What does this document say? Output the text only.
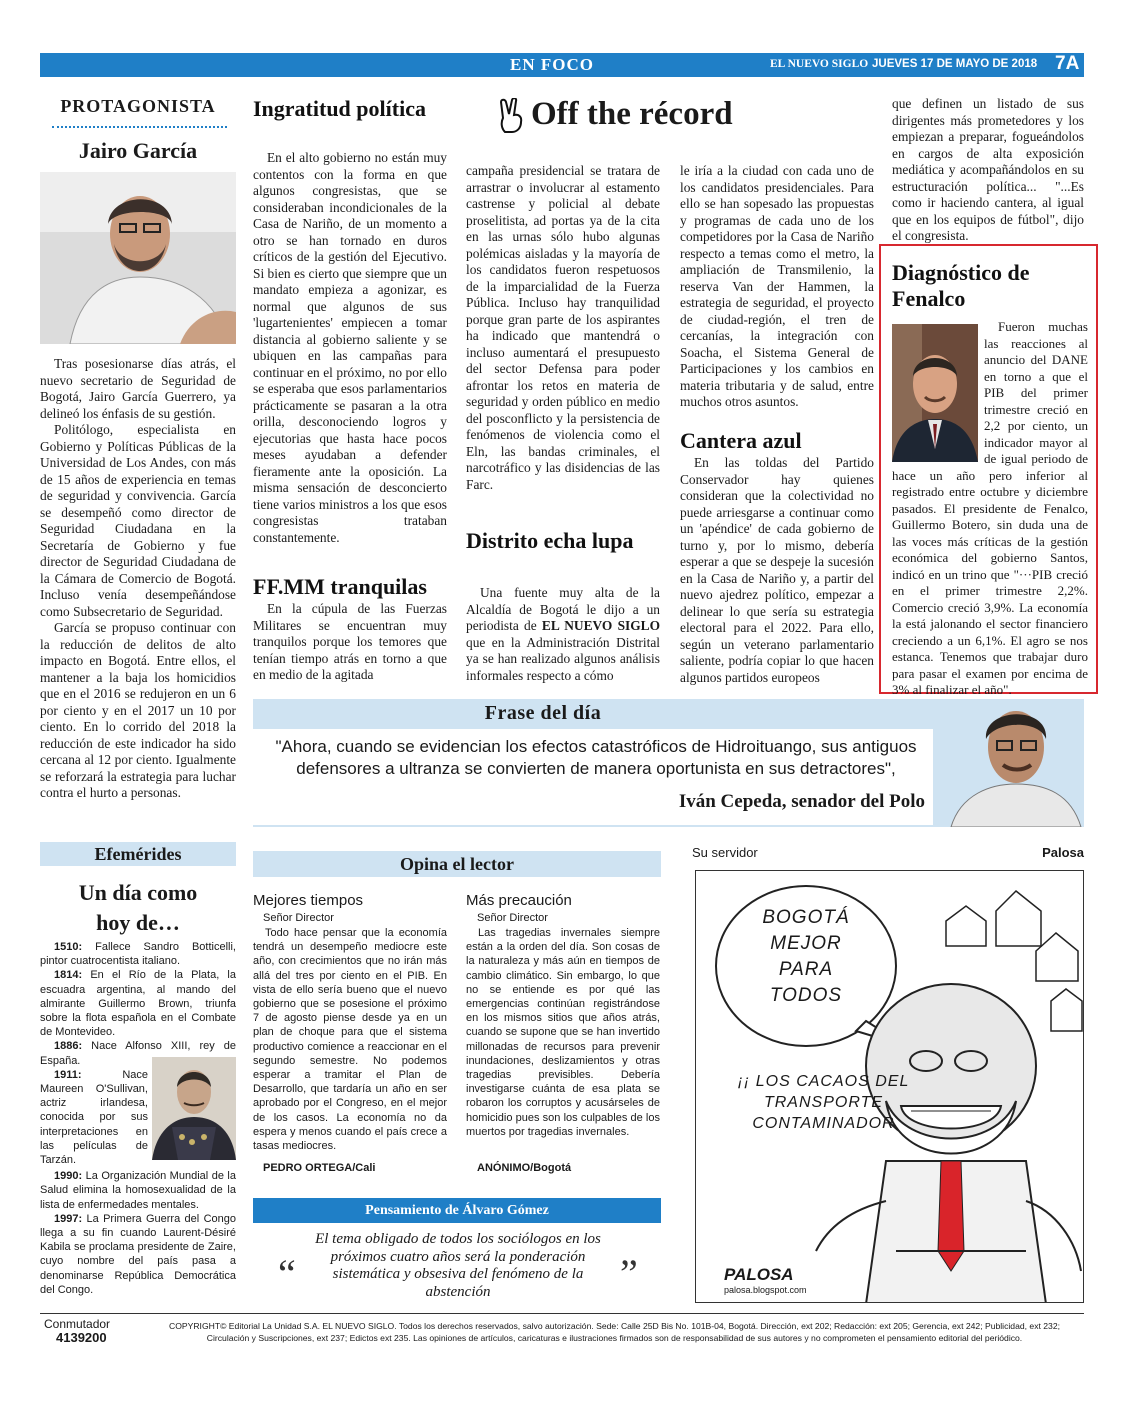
EN FOCO	EL NUEVO SIGLO JUEVES 17 DE MAYO DE 2018 7A
PROTAGONISTA
Jairo García

Tras posesionarse días atrás, el nuevo secretario de Seguridad de Bogotá, Jairo García Guerrero, ya delineó los énfasis de su gestión.

Politólogo, especialista en Gobierno y Políticas Públicas de la Universidad de Los Andes, con más de 15 años de experiencia en temas de seguridad y convivencia. García se desempeñó como director de Seguridad Ciudadana en la Secretaría de Gobierno y fue director de Seguridad Ciudadana de la Cámara de Comercio de Bogotá. Incluso venía desempeñándose como Subsecretario de Seguridad.

García se propuso continuar con la reducción de delitos de alto impacto en Bogotá. Entre ellos, el mantener a la baja los homicidios que en el 2016 se redujeron en un 6 por ciento y en el 2017 un 10 por ciento. En lo corrido del 2018 la reducción de este indicador ha sido cercana al 12 por ciento. Igualmente se reforzará la estrategia para luchar contra el hurto a personas.

Ingratitud política

En el alto gobierno no están muy contentos con la forma en que algunos congresistas, que se consideraban incondicionales de la Casa de Nariño, de un momento a otro se han tornado en duros críticos de la gestión del Ejecutivo. Si bien es cierto que siempre que un mandato empieza a agonizar, es normal que algunos de sus 'lugartenientes' empiecen a tomar distancia al gobierno saliente y se ubiquen en las campañas para continuar en el próximo, no por ello se esperaba que esos parlamentarios prácticamente se pasaran a la otra orilla, desconociendo logros y ejecutorias que hasta hace pocos meses ayudaban a defender fieramente ante la oposición. La misma sensación de desconcierto tiene varios ministros a los que esos congresistas trataban constantemente.

FF.MM tranquilas

En la cúpula de las Fuerzas Militares se encuentran muy tranquilos porque los temores que tenían tiempo atrás en torno a que en medio de la agitada

Off the récord

campaña presidencial se tratara de arrastrar o involucrar al estamento castrense y policial al debate proselitista, ad portas ya de la cita en las urnas sólo hubo algunas polémicas aisladas y la mayoría de los candidatos fueron respetuosos de la imparcialidad de la Fuerza Pública. Incluso hay tranquilidad porque gran parte de los aspirantes ha indicado que mantendrá o incluso aumentará el presupuesto del sector Defensa para poder afrontar los retos en materia de seguridad y orden público en medio del posconflicto y la persistencia de fenómenos de violencia como el Eln, las bandas criminales, el narcotráfico y las disidencias de las Farc.

Distrito echa lupa

Una fuente muy alta de la Alcaldía de Bogotá le dijo a un periodista de EL NUEVO SIGLO que en la Administración Distrital ya se han realizado algunos análisis informales respecto a cómo

le iría a la ciudad con cada uno de los candidatos presidenciales. Para ello se han sopesado las propuestas y programas de cada uno de los competidores por la Casa de Nariño respecto a temas como el metro, la ampliación de Transmilenio, la reserva Van der Hammen, la estrategia de seguridad, el proyecto de ciudad-región, el tren de cercanías, la integración con Soacha, el Sistema General de Participaciones y los cambios en materia tributaria y de salud, entre muchos otros asuntos.

Cantera azul

En las toldas del Partido Conservador hay quienes consideran que la colectividad no puede arriesgarse a continuar como un 'apéndice' de cada gobierno de turno y, por lo mismo, debería esperar a que se despeje la sucesión en la Casa de Nariño y, a partir del nuevo ajedrez político, empezar a delinear lo que sería su estrategia electoral para el 2022. Para ello, según un veterano parlamentario saliente, podría copiar lo que hacen algunos partidos europeos

que definen un listado de sus dirigentes más prometedores y los empiezan a preparar, fogueándolos en cargos de alta exposición mediática y acompañándolos en su estructuración política... "...Es como ir haciendo cantera, al igual que en los equipos de fútbol", dijo el congresista.

Diagnóstico de Fenalco

Fueron muchas las reacciones al anuncio del DANE en torno a que el PIB del primer trimestre creció en 2,2 por ciento, un indicador mayor al de igual periodo de hace un año pero inferior al registrado entre octubre y diciembre pasados. El presidente de Fenalco, Guillermo Botero, sin duda una de las voces más críticas de la gestión económica del gobierno Santos, indicó en un trino que "···PIB creció en el primer trimestre 2,2%. Comercio creció 3,9%. La economía la está jalonando el sector financiero creciendo a un 6,1%. El agro se nos estanca. Tenemos que trabajar duro para pasar el examen por encima de 3% al finalizar el año".

Frase del día
"Ahora, cuando se evidencian los efectos catastróficos de Hidroituango, sus antiguos defensores a ultranza se convierten de manera oportunista en sus detractores",
Iván Cepeda, senador del Polo
Efemérides
Un día como hoy de…
1510: Fallece Sandro Botticelli, pintor cuatrocentista italiano.
1814: En el Río de la Plata, la escuadra argentina, al mando del almirante Guillermo Brown, triunfa sobre la flota española en el Combate de Montevideo.
1886: Nace Alfonso XIII, rey de España.
1911:	Nace Maureen O'Sullivan, actriz irlandesa, conocida por sus interpretaciones en las películas de Tarzán.
1990: La Organización Mundial de la Salud elimina la homosexualidad de la lista de enfermedades mentales.
1997: La Primera Guerra del Congo llega a su fin cuando Laurent-Désiré Kabila se proclama presidente de Zaire, cuyo nombre del país pasa a denominarse República Democrática del Congo.
Opina el lector
Mejores tiempos
Señor Director
Todo hace pensar que la economía tendrá un desempeño mediocre este año, con crecimientos que no irán más allá del tres por ciento en el PIB. En vista de ello sería bueno que el nuevo gobierno que se posesione el próximo 7 de agosto piense desde ya en un plan de choque para que el sistema productivo comience a reaccionar en el segundo semestre. No podemos esperar a tramitar el Plan de Desarrollo, que tardaría un año en ser aprobado por el Congreso, en el mejor de los casos. La economía no da espera y menos cuando el país crece a tasas mediocres.
PEDRO ORTEGA/Cali
Más precaución
Señor Director
Las tragedias invernales siempre están a la orden del día. Son cosas de la naturaleza y más aún en tiempos de cambio climático. Sin embargo, lo que no se entiende es por qué las emergencias continúan registrándose en los mismos sitios que años atrás, cuando se supone que se han invertido millonadas de recursos para prevenir inundaciones, deslizamientos y otras tragedias previsibles. Debería investigarse cuánta de esa plata se robaron los corruptos y acusárseles de homicidio pues son los culpables de los muertos por tragedias invernales.
ANÓNIMO/Bogotá
Pensamiento de Álvaro Gómez
“
El tema obligado de todos los sociólogos en los próximos cuatro años será la ponderación sistemática y obsesiva del fenómeno de la abstención	”
Su servidor	Palosa
BOGOTÁ MEJOR PARA TODOS
¡¡ LOS CACAOS DEL TRANSPORTE CONTAMINADOR
PALOSA
palosa.blogspot.com
Conmutador
4139200
COPYRIGHT© Editorial La Unidad S.A. EL NUEVO SIGLO. Todos los derechos reservados, salvo autorización. Sede: Calle 25D Bis No. 101B-04, Bogotá. Dirección, ext 202; Redacción: ext 205; Gerencia, ext 242; Publicidad, ext 232;
Circulación y Suscripciones, ext 237; Edictos ext 235. Las opiniones de artículos, caricaturas e ilustraciones firmados son de responsabilidad de sus autores y no comprometen el pensamiento editorial del periódico.
